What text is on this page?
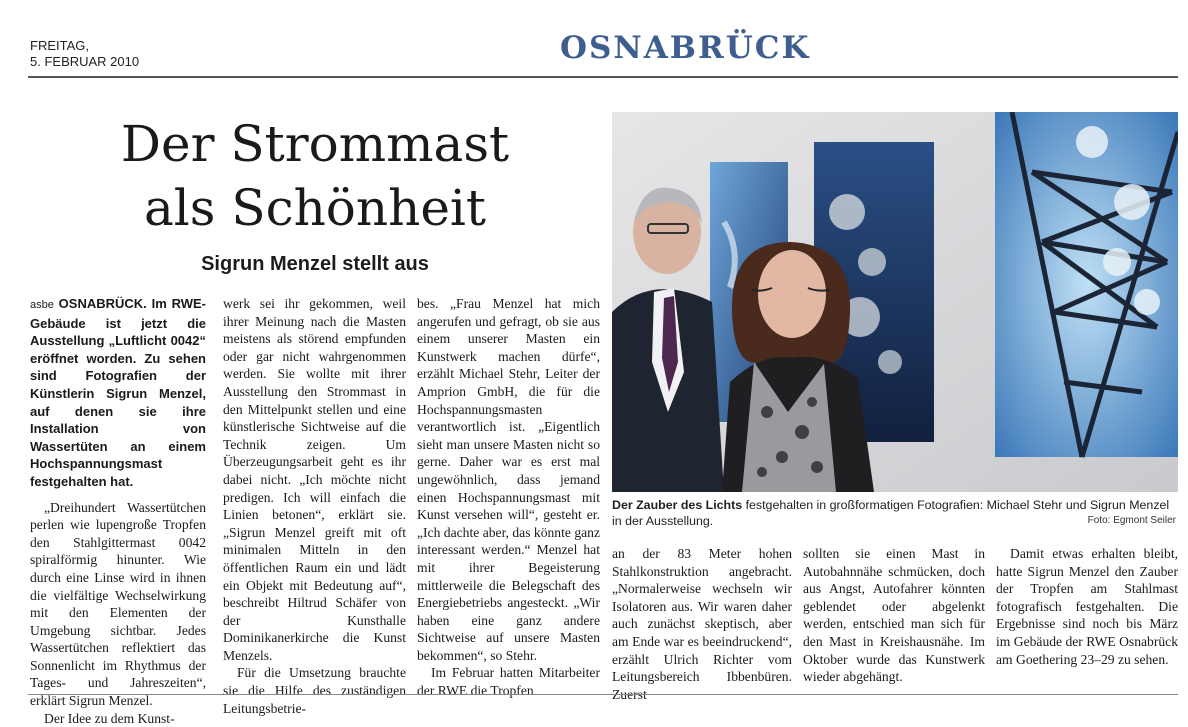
FREITAG,
5. FEBRUAR 2010	OSNABRÜCK
Der Strommast
als Schönheit
Sigrun Menzel stellt aus

asbe OSNABRÜCK. Im RWE-Gebäude ist jetzt die Ausstellung „Luftlicht 0042“ eröffnet worden. Zu sehen sind Fotografien der Künstlerin Sigrun Menzel, auf denen sie ihre Installation von Wassertüten an einem Hochspannungsmast festgehalten hat.

„Dreihundert Wassertütchen perlen wie lupengroße Tropfen den Stahlgittermast 0042 spiralförmig hinunter. Wie durch eine Linse wird in ihnen die vielfältige Wechselwirkung mit den Elementen der Umgebung sichtbar. Jedes Wassertütchen reflektiert das Sonnenlicht im Rhythmus der Tages- und Jahreszeiten“, erklärt Sigrun Menzel.

Der Idee zu dem Kunst-

werk sei ihr gekommen, weil ihrer Meinung nach die Masten meistens als störend empfunden oder gar nicht wahrgenommen werden. Sie wollte mit ihrer Ausstellung den Strommast in den Mittelpunkt stellen und eine künstlerische Sichtweise auf die Technik zeigen. Um Überzeugungsarbeit geht es ihr dabei nicht. „Ich möchte nicht predigen. Ich will einfach die Linien betonen“, erklärt sie. „Sigrun Menzel greift mit oft minimalen Mitteln in den öffentlichen Raum ein und lädt ein Objekt mit Bedeutung auf“, beschreibt Hiltrud Schäfer von der Kunsthalle Dominikanerkirche die Kunst Menzels.

Für die Umsetzung brauchte sie die Hilfe des zuständigen Leitungsbetrie-

bes. „Frau Menzel hat mich angerufen und gefragt, ob sie aus einem unserer Masten ein Kunstwerk machen dürfe“, erzählt Michael Stehr, Leiter der Amprion GmbH, die für die Hochspannungsmasten verantwortlich ist. „Eigentlich sieht man unsere Masten nicht so gerne. Daher war es erst mal ungewöhnlich, dass jemand einen Hochspannungsmast mit Kunst versehen will“, gesteht er. „Ich dachte aber, das könnte ganz interessant werden.“ Menzel hat mit ihrer Begeisterung mittlerweile die Belegschaft des Energiebetriebs angesteckt. „Wir haben eine ganz andere Sichtweise auf unsere Masten bekommen“, so Stehr.

Im Februar hatten Mitarbeiter der RWE die Tropfen

Der Zauber des Lichts festgehalten in großformatigen Fotografien: Michael Stehr und Sigrun Menzel in der Ausstellung.	Foto: Egmont Seiler

an der 83 Meter hohen Stahlkonstruktion angebracht. „Normalerweise wechseln wir Isolatoren aus. Wir waren daher auch zunächst skeptisch, aber am Ende war es beeindruckend“, erzählt Ulrich Richter vom Leitungsbereich Ibbenbüren. Zuerst

sollten sie einen Mast in Autobahnnähe schmücken, doch aus Angst, Autofahrer könnten geblendet oder abgelenkt werden, entschied man sich für den Mast in Kreishausnähe. Im Oktober wurde das Kunstwerk wieder abgehängt.

Damit etwas erhalten bleibt, hatte Sigrun Menzel den Zauber der Tropfen am Stahlmast fotografisch festgehalten. Die Ergebnisse sind noch bis März im Gebäude der RWE Osnabrück am Goethering 23–29 zu sehen.
